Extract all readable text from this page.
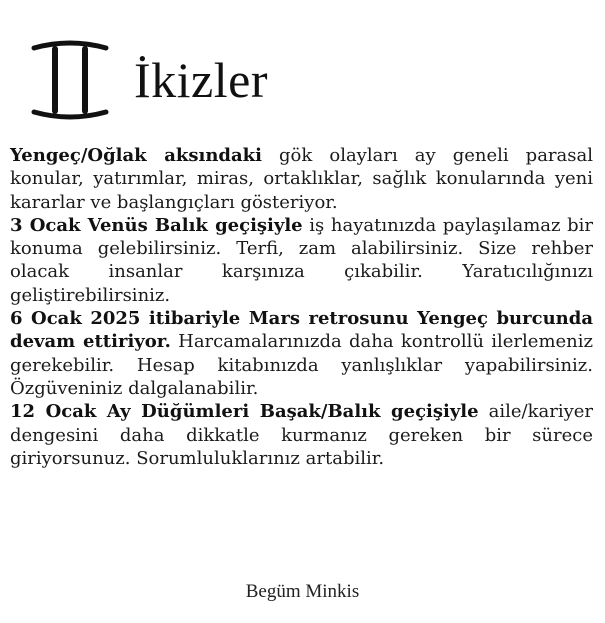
İkizler

Yengeç/Oğlak aksındaki gök olayları ay geneli parasal konular, yatırımlar, miras, ortaklıklar, sağlık konularında yeni kararlar ve başlangıçları gösteriyor.

3 Ocak Venüs Balık geçişiyle iş hayatınızda paylaşılamaz bir konuma gelebilirsiniz. Terfi, zam alabilirsiniz. Size rehber olacak insanlar karşınıza çıkabilir. Yaratıcılığınızı geliştirebilirsiniz.

6 Ocak 2025 itibariyle Mars retrosunu Yengeç burcunda devam ettiriyor. Harcamalarınızda daha kontrollü ilerlemeniz gerekebilir. Hesap kitabınızda yanlışlıklar yapabilirsiniz. Özgüveniniz dalgalanabilir.

12 Ocak Ay Düğümleri Başak/Balık geçişiyle aile/kariyer dengesini daha dikkatle kurmanız gereken bir sürece giriyorsunuz. Sorumluluklarınız artabilir.

Begüm Minkis
